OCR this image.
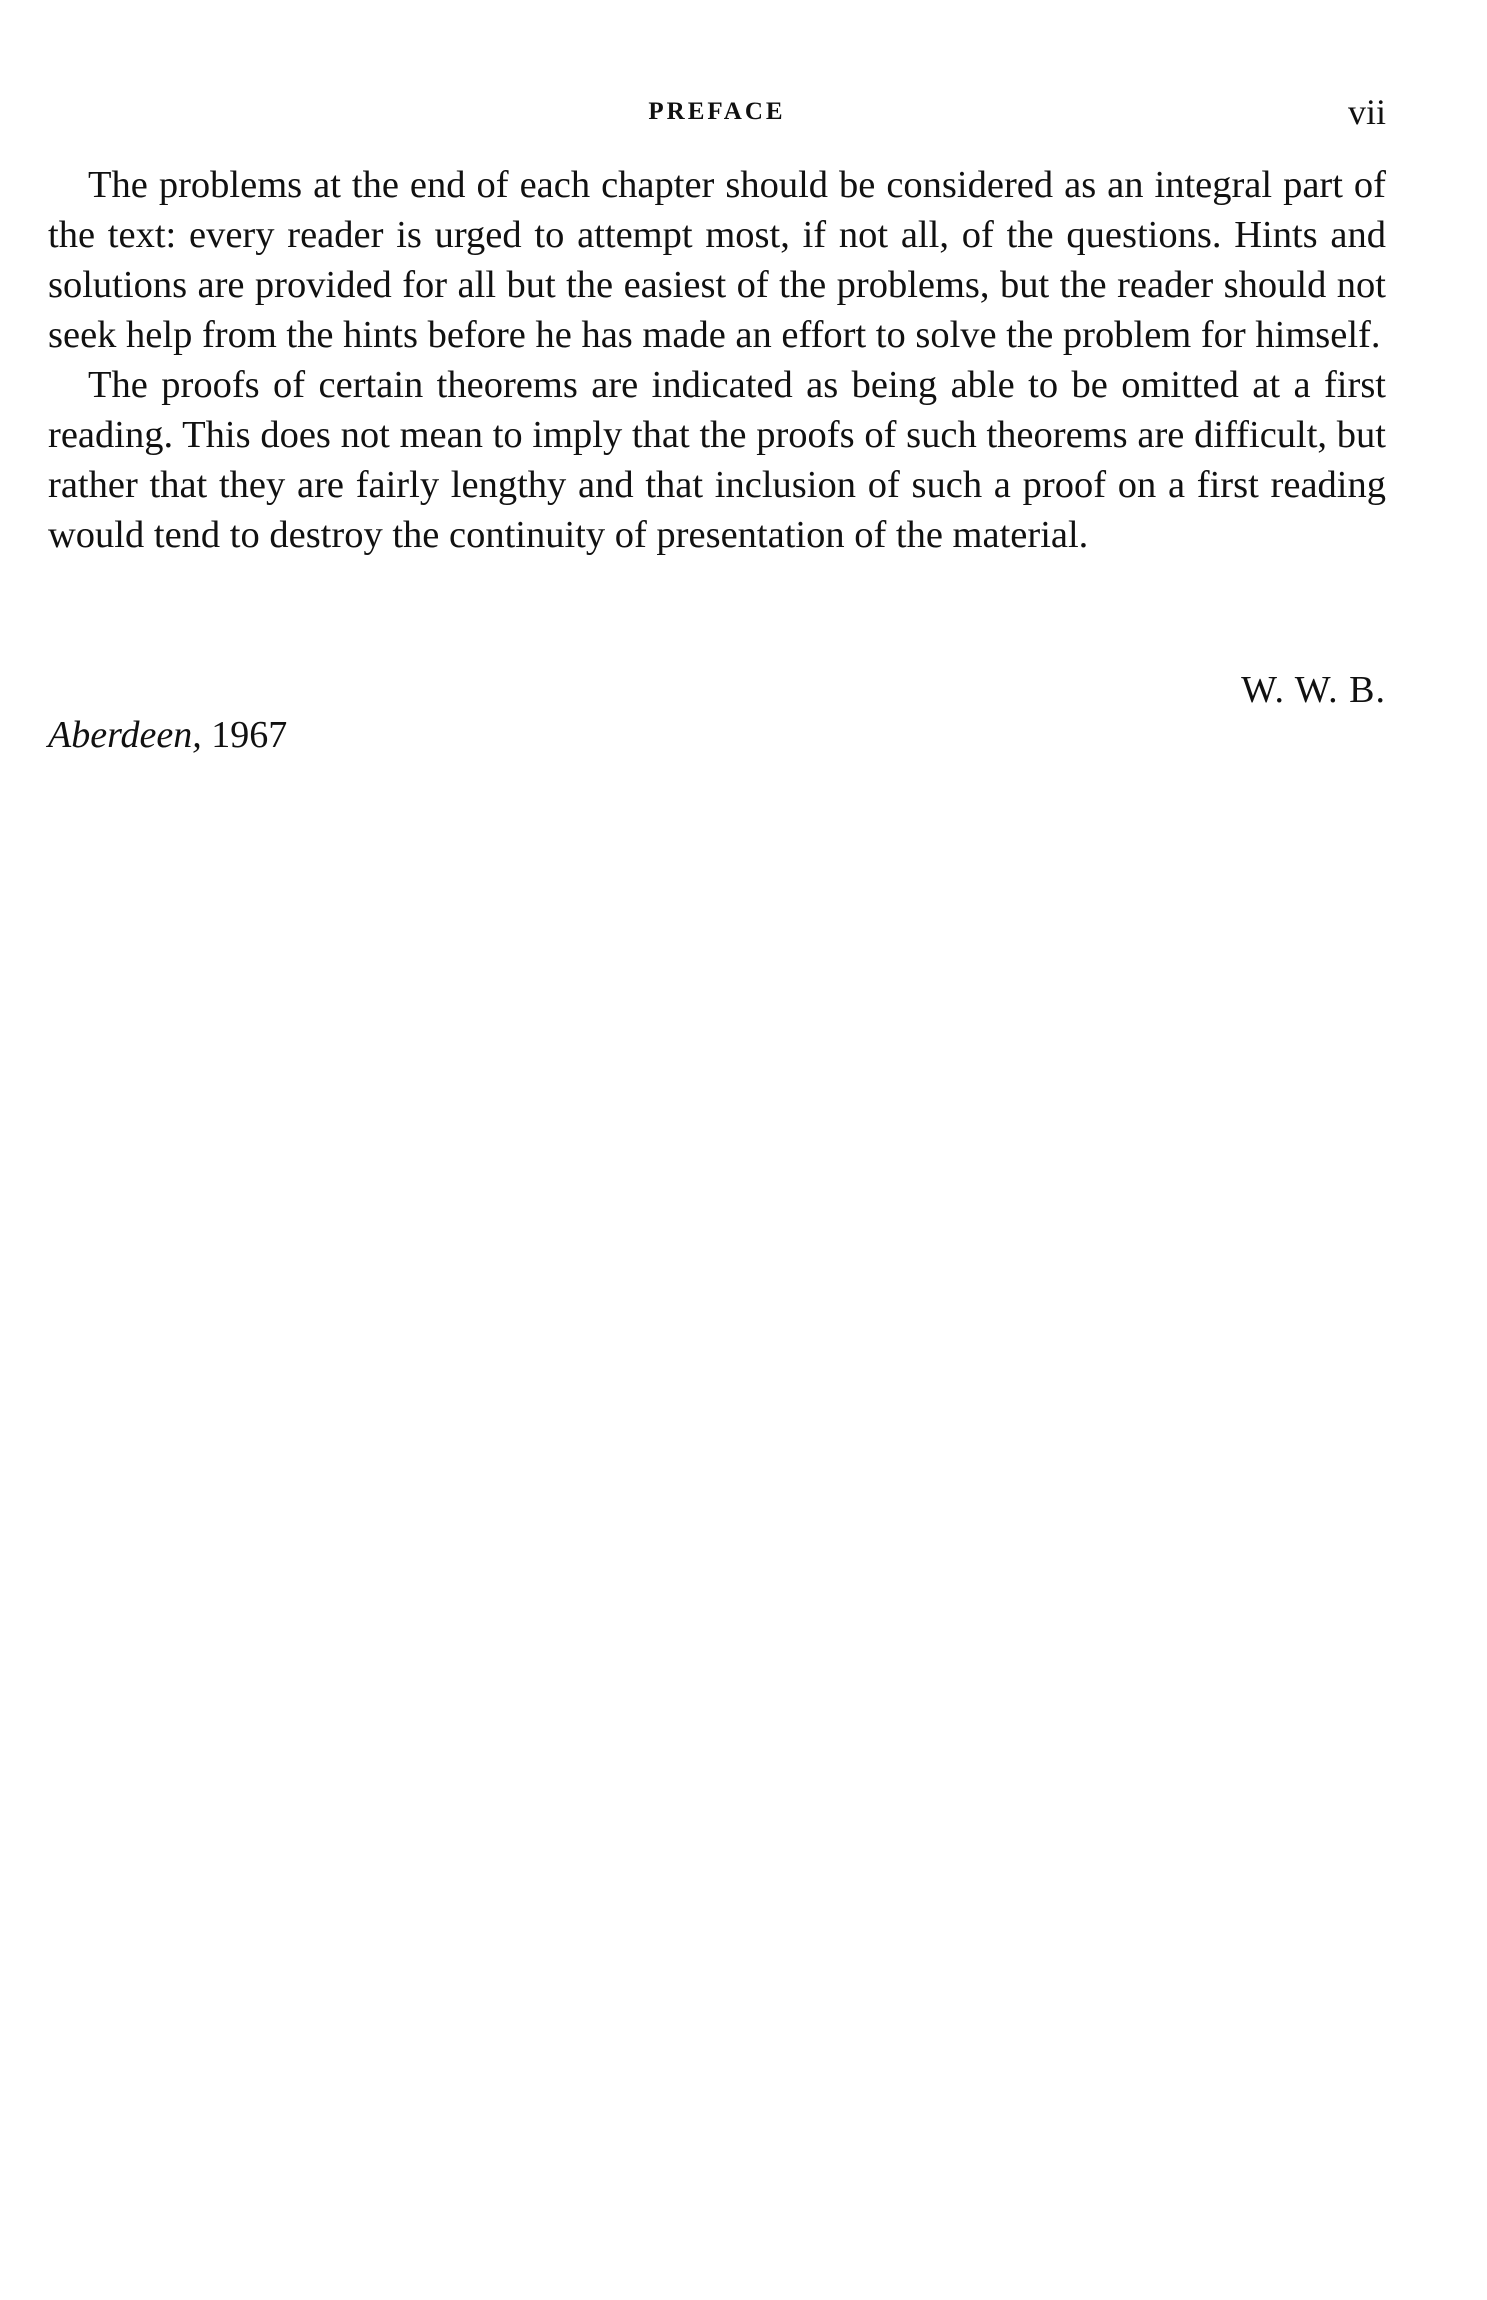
PREFACE	vii

The problems at the end of each chapter should be considered as an integral part of the text: every reader is urged to attempt most, if not all, of the questions. Hints and solutions are provided for all but the easiest of the problems, but the reader should not seek help from the hints before he has made an effort to solve the problem for himself.

The proofs of certain theorems are indicated as being able to be omitted at a first reading. This does not mean to imply that the proofs of such theorems are difficult, but rather that they are fairly lengthy and that inclusion of such a proof on a first reading would tend to destroy the continuity of presentation of the material.

W. W. B.
Aberdeen, 1967
